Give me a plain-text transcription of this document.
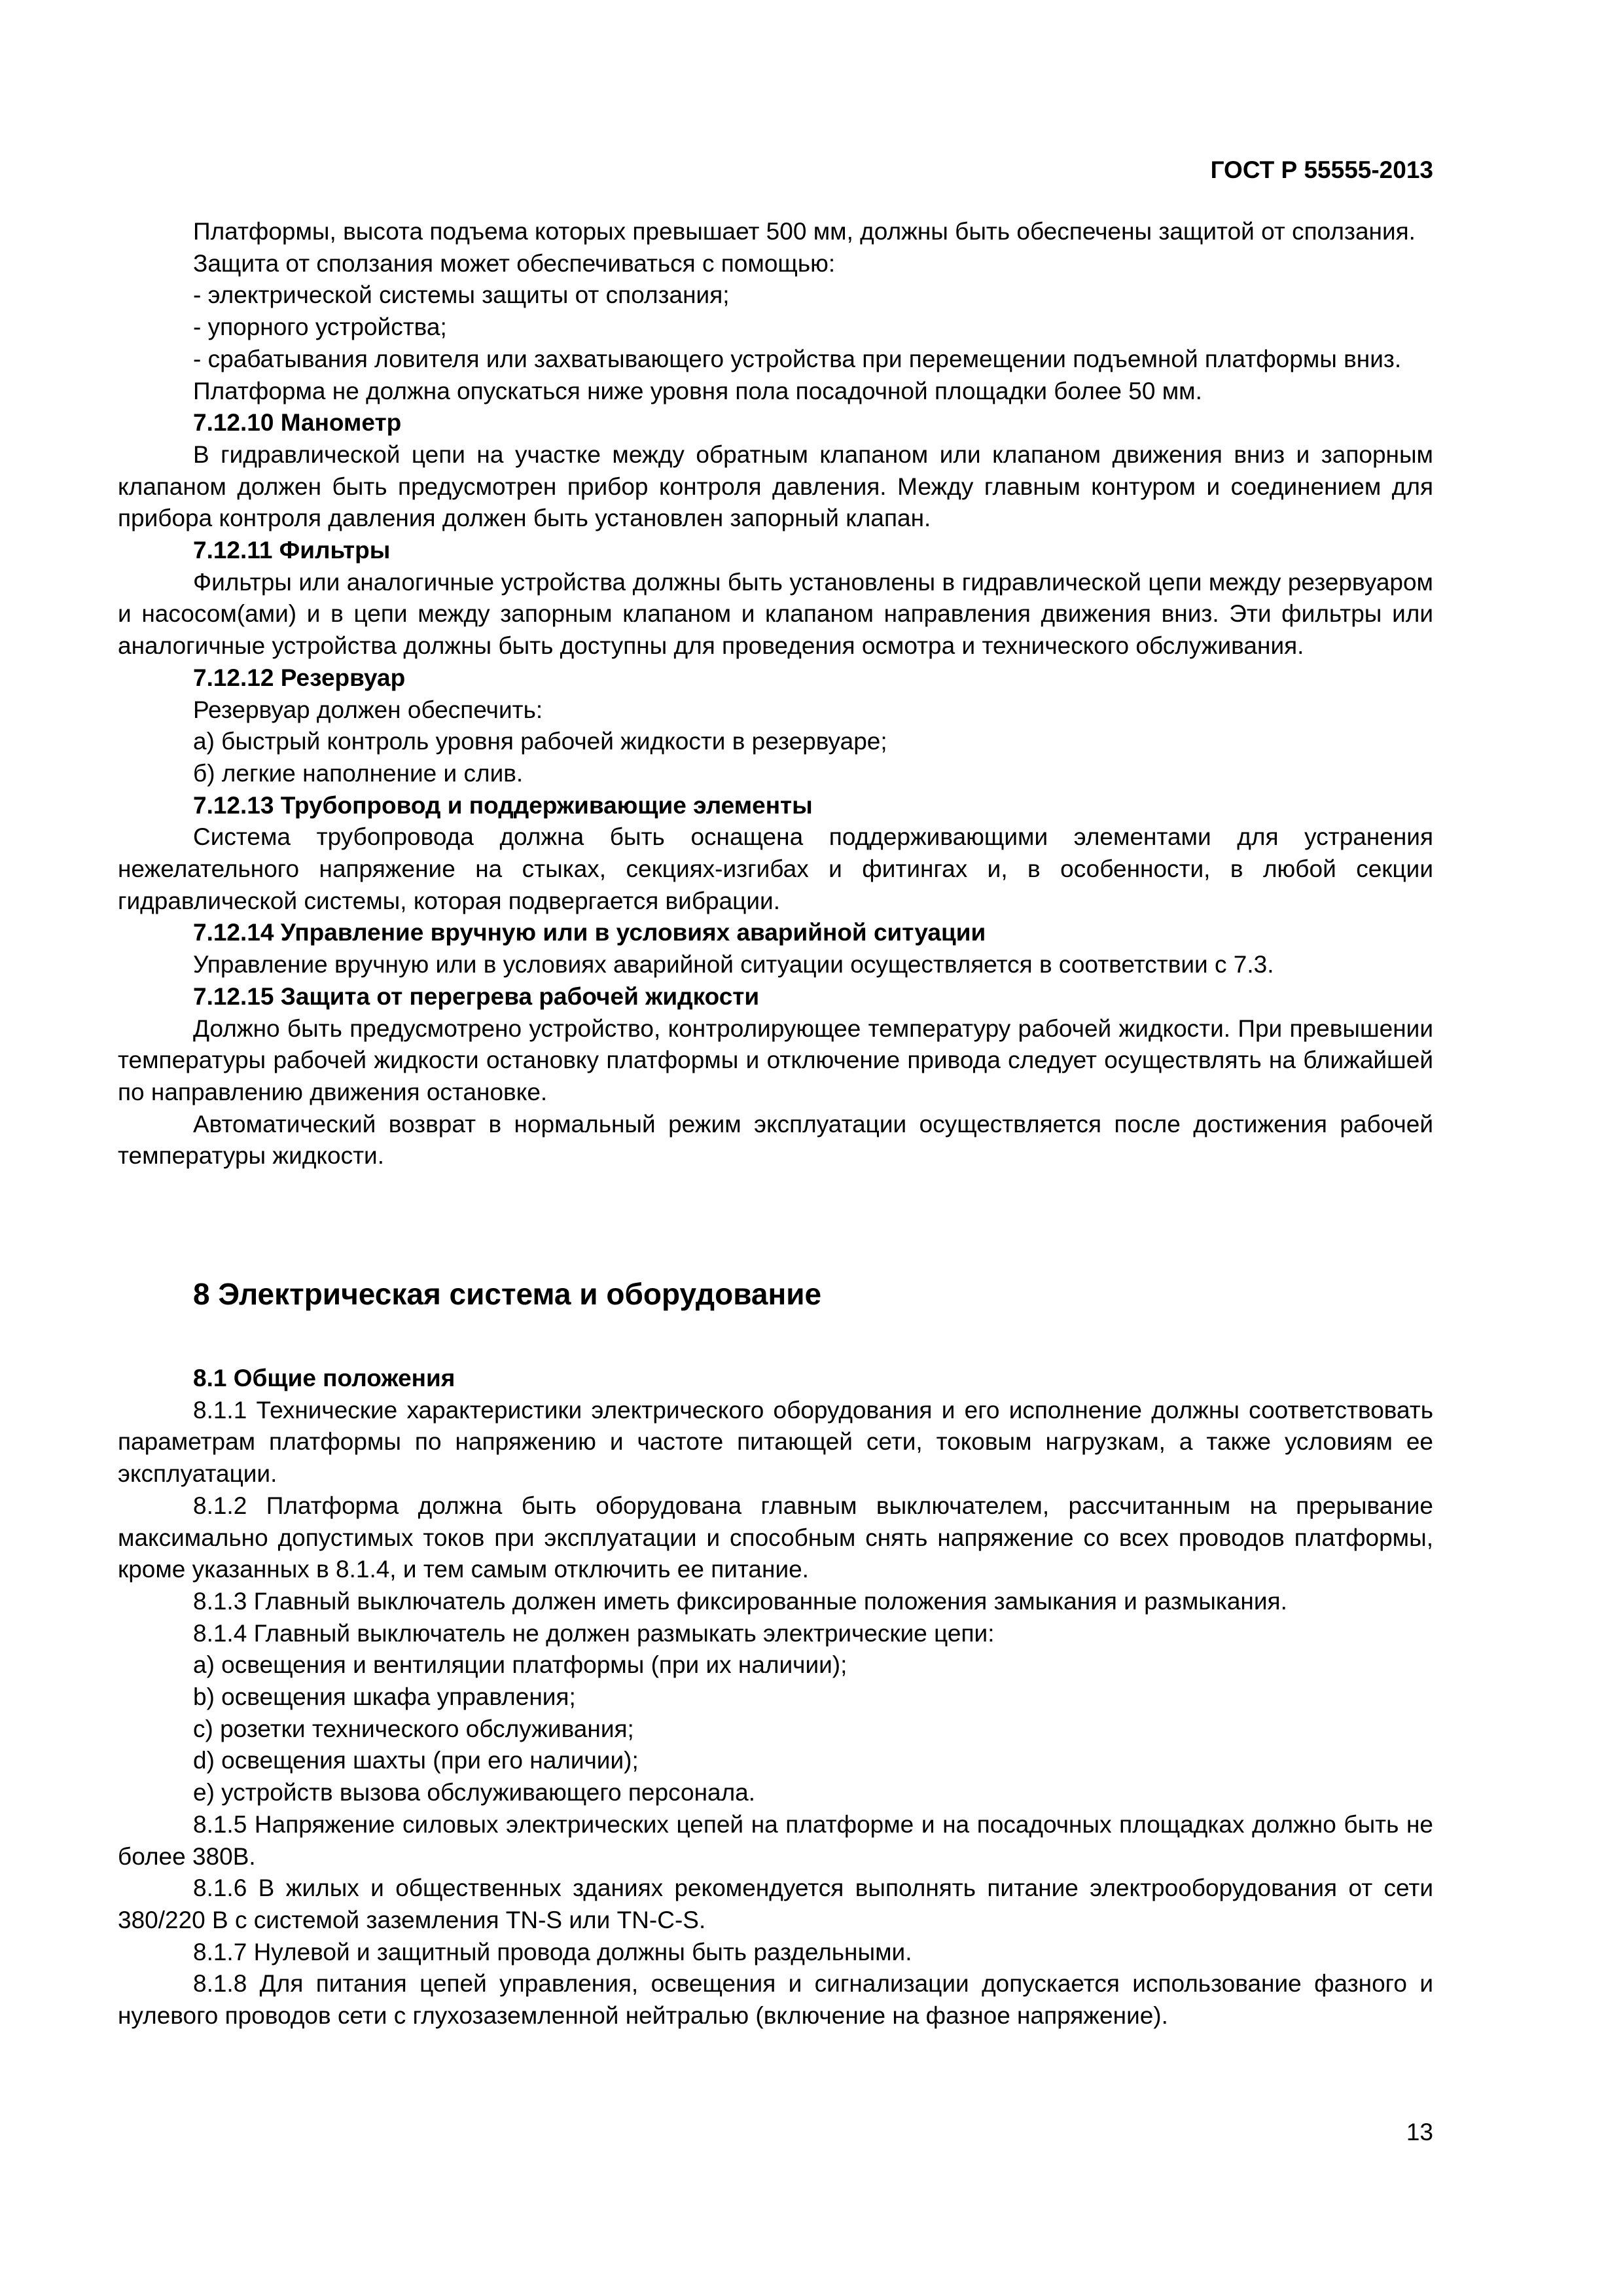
ГОСТ Р 55555-2013

Платформы, высота подъема которых превышает 500 мм, должны быть обеспечены защитой от сползания.

Защита от сползания может обеспечиваться с помощью:

- электрической системы защиты от сползания;

- упорного устройства;

- срабатывания ловителя или захватывающего устройства при перемещении подъемной платформы вниз.

Платформа не должна опускаться ниже уровня пола посадочной площадки более 50 мм.

7.12.10 Манометр

В гидравлической цепи на участке между обратным клапаном или клапаном движения вниз и запорным клапаном должен быть предусмотрен прибор контроля давления. Между главным контуром и соединением для прибора контроля давления должен быть установлен запорный клапан.

7.12.11 Фильтры

Фильтры или аналогичные устройства должны быть установлены в гидравлической цепи между резервуаром и насосом(ами) и в цепи между запорным клапаном и клапаном направления движения вниз. Эти фильтры или аналогичные устройства должны быть доступны для проведения осмотра и технического обслуживания.

7.12.12 Резервуар

Резервуар должен обеспечить:

а) быстрый контроль уровня рабочей жидкости в резервуаре;

б) легкие наполнение и слив.

7.12.13 Трубопровод и поддерживающие элементы

Система трубопровода должна быть оснащена поддерживающими элементами для устранения нежелательного напряжение на стыках, секциях-изгибах и фитингах и, в особенности, в любой секции гидравлической системы, которая подвергается вибрации.

7.12.14 Управление вручную или в условиях аварийной ситуации

Управление вручную или в условиях аварийной ситуации осуществляется в соответствии с 7.3.

7.12.15 Защита от перегрева рабочей жидкости

Должно быть предусмотрено устройство, контролирующее температуру рабочей жидкости. При превышении температуры рабочей жидкости остановку платформы и отключение привода следует осуществлять на ближайшей по направлению движения остановке.

Автоматический возврат в нормальный режим эксплуатации осуществляется после достижения рабочей температуры жидкости.

8 Электрическая система и оборудование

8.1 Общие положения

8.1.1 Технические характеристики электрического оборудования и его исполнение должны соответствовать параметрам платформы по напряжению и частоте питающей сети, токовым нагрузкам, а также условиям ее эксплуатации.

8.1.2 Платформа должна быть оборудована главным выключателем, рассчитанным на прерывание максимально допустимых токов при эксплуатации и способным снять напряжение со всех проводов платформы, кроме указанных в 8.1.4, и тем самым отключить ее питание.

8.1.3 Главный выключатель должен иметь фиксированные положения замыкания и размыкания.

8.1.4 Главный выключатель не должен размыкать электрические цепи:

а) освещения и вентиляции платформы (при их наличии);

b) освещения шкафа управления;

c) розетки технического обслуживания;

d) освещения шахты (при его наличии);

e) устройств вызова обслуживающего персонала.

8.1.5 Напряжение силовых электрических цепей на платформе и на посадочных площадках должно быть не более 380В.

8.1.6 В жилых и общественных зданиях рекомендуется выполнять питание электрооборудования от сети 380/220 В с системой заземления TN-S или TN-C-S.

8.1.7 Нулевой и защитный провода должны быть раздельными.

8.1.8 Для питания цепей управления, освещения и сигнализации допускается использование фазного и нулевого проводов сети с глухозаземленной нейтралью (включение на фазное напряжение).

13
